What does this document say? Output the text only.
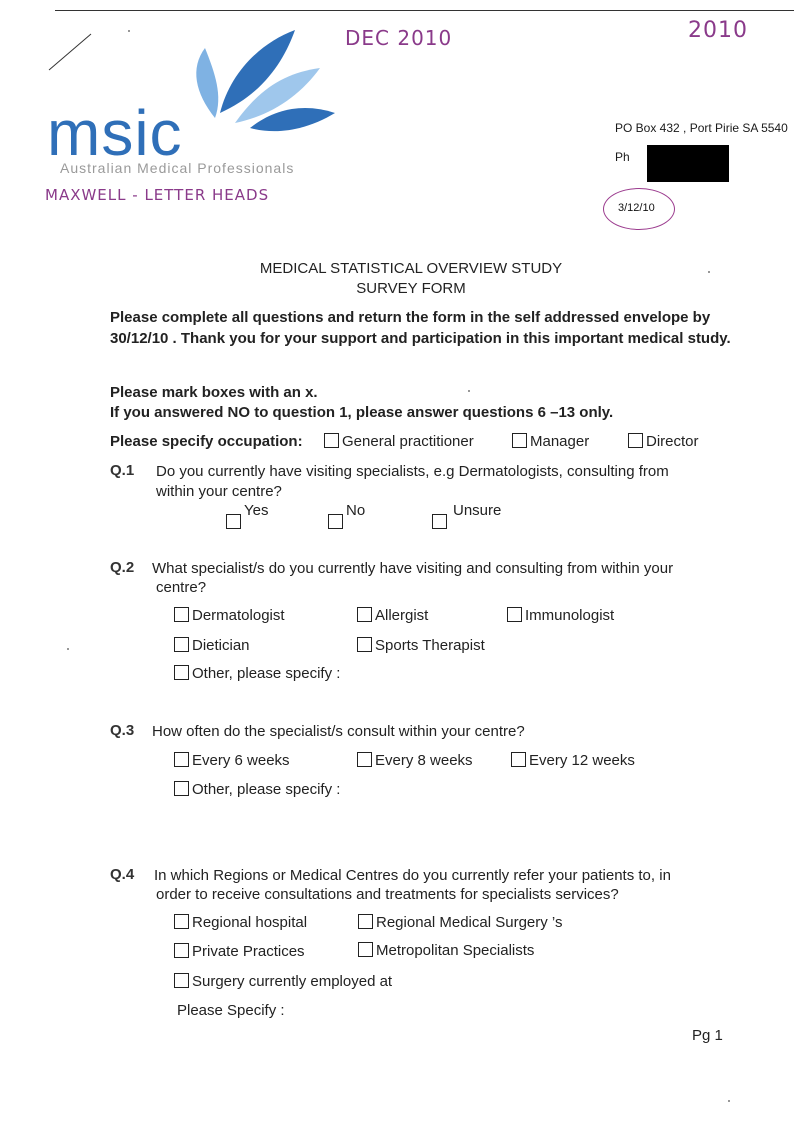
msic
Australian Medical Professionals
DEC 2010	2010
MAXWELL - LETTER HEADS
PO Box 432 , Port Pirie SA 5540
Ph
3/12/10
MEDICAL STATISTICAL OVERVIEW STUDY
SURVEY FORM
Please complete all questions and return the form in the self addressed envelope by
30/12/10 . Thank you for your support and participation in this important medical study.
Please mark boxes with an x.
If you answered NO to question 1, please answer questions 6 –13 only.
Please specify occupation:	General practitioner	Manager	Director
Q.1 Do you currently have visiting specialists, e.g Dermatologists, consulting from
within your centre?
Yes	No	Unsure
Q.2 What specialist/s do you currently have visiting and consulting from within your
centre?
Dermatologist	Allergist	Immunologist
Dietician	Sports Therapist
Other, please specify :
Q.3 How often do the specialist/s consult within your centre?
Every 6 weeks	Every 8 weeks	Every 12 weeks
Other, please specify :
Q.4 In which Regions or Medical Centres do you currently refer your patients to, in
order to receive consultations and treatments for specialists services?
Regional hospital	Regional Medical Surgery ’s
Private Practices	Metropolitan Specialists
Surgery currently employed at
Please Specify :
Pg 1
